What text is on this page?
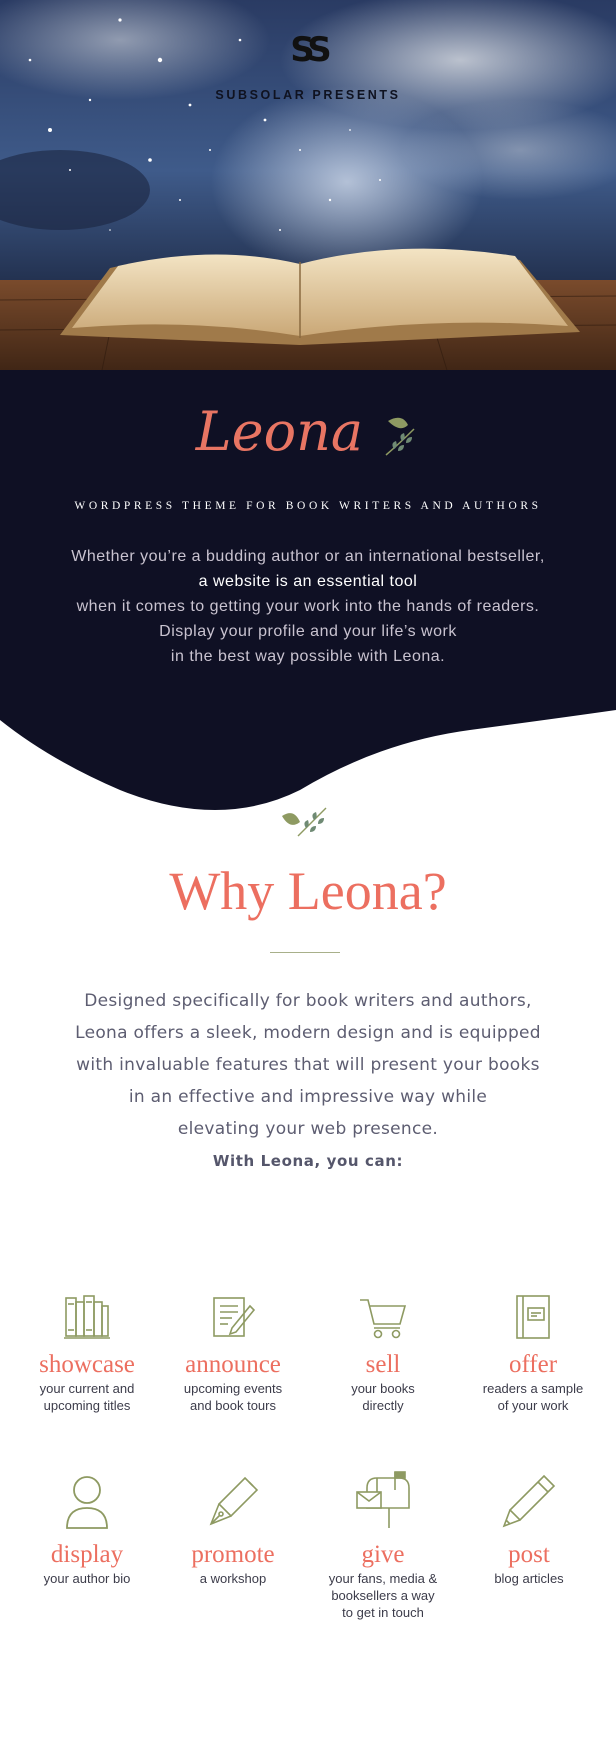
SS
SUBSOLAR PRESENTS
Leona
WORDPRESS THEME FOR BOOK WRITERS AND AUTHORS
Whether you’re a budding author or an international bestseller,
a website is an essential tool
when it comes to getting your work into the hands of readers.
Display your profile and your life’s work
in the best way possible with Leona.
Why Leona?
Designed specifically for book writers and authors,
Leona offers a sleek, modern design and is equipped
with invaluable features that will present your books
in an effective and impressive way while
elevating your web presence.
With Leona, you can:
showcase
your current and
upcoming titles
announce
upcoming events
and book tours
sell
your books
directly
offer
readers a sample
of your work
display
your author bio
promote
a workshop
give
your fans, media &
booksellers a way
to get in touch
post
blog articles
